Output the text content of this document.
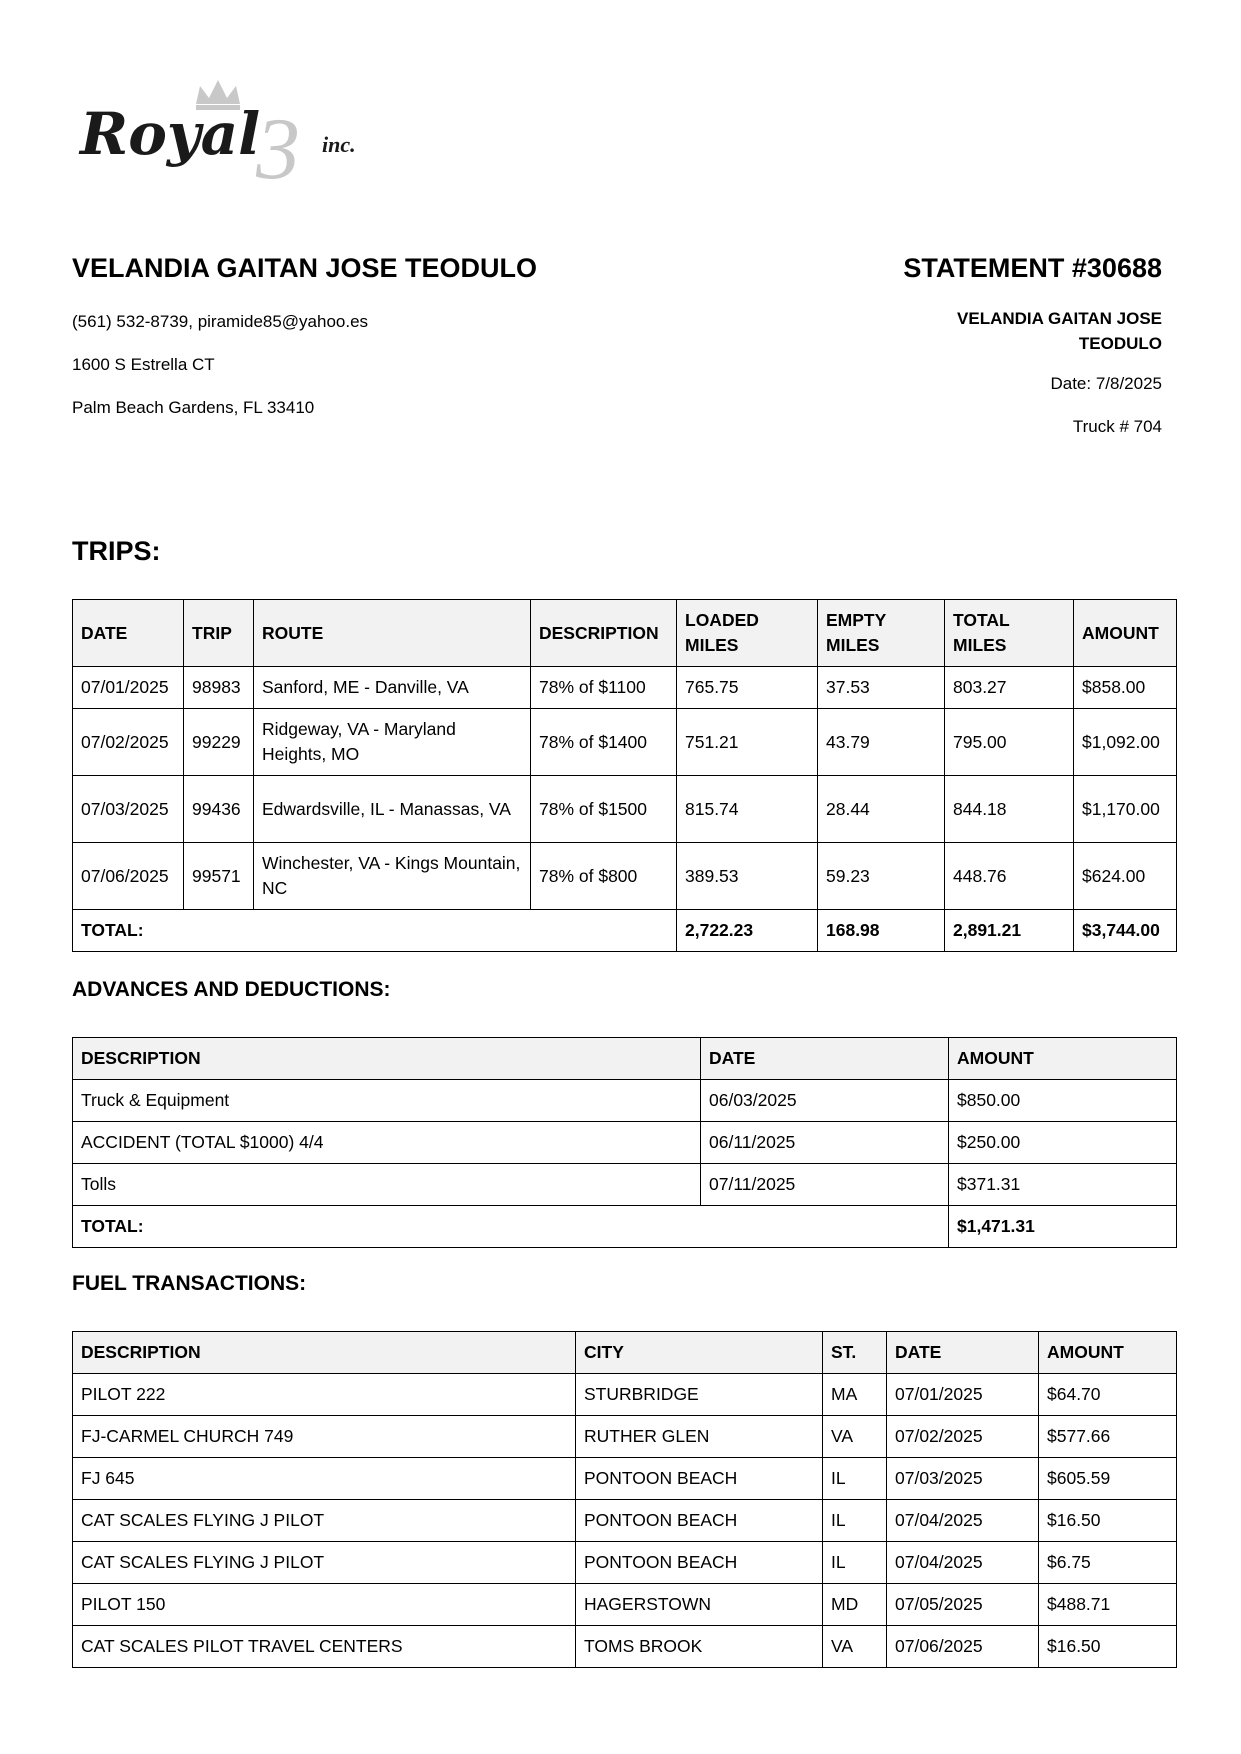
3
Royal	inc.
VELANDIA GAITAN JOSE TEODULO
(561) 532-8739, piramide85@yahoo.es
1600 S Estrella CT
Palm Beach Gardens, FL 33410
STATEMENT #30688
VELANDIA GAITAN JOSE
TEODULO
Date: 7/8/2025
Truck # 704
TRIPS:
DATE	TRIP	ROUTE	DESCRIPTION	LOADED MILES	EMPTY MILES	TOTAL MILES	AMOUNT
07/01/2025	98983	Sanford, ME - Danville, VA	78% of $1100	765.75	37.53	803.27	$858.00
07/02/2025	99229	Ridgeway, VA - Maryland Heights, MO	78% of $1400	751.21	43.79	795.00	$1,092.00
07/03/2025	99436	Edwardsville, IL - Manassas, VA	78% of $1500	815.74	28.44	844.18	$1,170.00
07/06/2025	99571	Winchester, VA - Kings Mountain, NC	78% of $800	389.53	59.23	448.76	$624.00
TOTAL:				2,722.23	168.98	2,891.21	$3,744.00
ADVANCES AND DEDUCTIONS:
DESCRIPTION	DATE	AMOUNT
Truck & Equipment	06/03/2025	$850.00
ACCIDENT (TOTAL $1000) 4/4	06/11/2025	$250.00
Tolls	07/11/2025	$371.31
TOTAL:		$1,471.31
FUEL TRANSACTIONS:
DESCRIPTION	CITY	ST.	DATE	AMOUNT
PILOT 222	STURBRIDGE	MA	07/01/2025	$64.70
FJ-CARMEL CHURCH 749	RUTHER GLEN	VA	07/02/2025	$577.66
FJ 645	PONTOON BEACH	IL	07/03/2025	$605.59
CAT SCALES FLYING J PILOT	PONTOON BEACH	IL	07/04/2025	$16.50
CAT SCALES FLYING J PILOT	PONTOON BEACH	IL	07/04/2025	$6.75
PILOT 150	HAGERSTOWN	MD	07/05/2025	$488.71
CAT SCALES PILOT TRAVEL CENTERS	TOMS BROOK	VA	07/06/2025	$16.50
